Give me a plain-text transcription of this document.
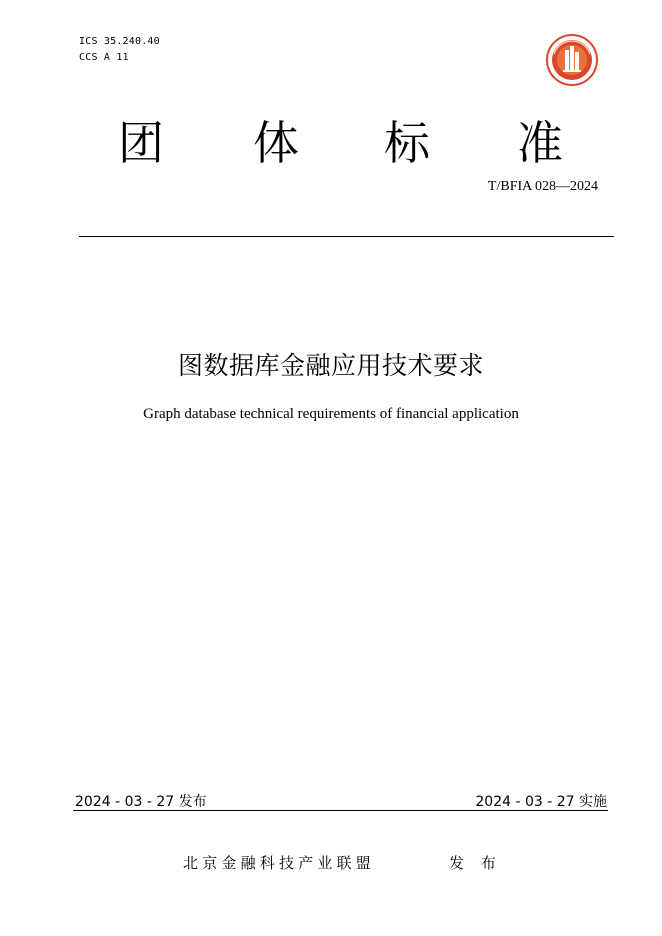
ICS 35.240.40
CCS A 11
团 体 标 准
T/BFIA 028—2024
图数据库金融应用技术要求
Graph database technical requirements of financial application
2024 - 03 - 27 发布	2024 - 03 - 27 实施
北京金融科技产业联盟	发 布
